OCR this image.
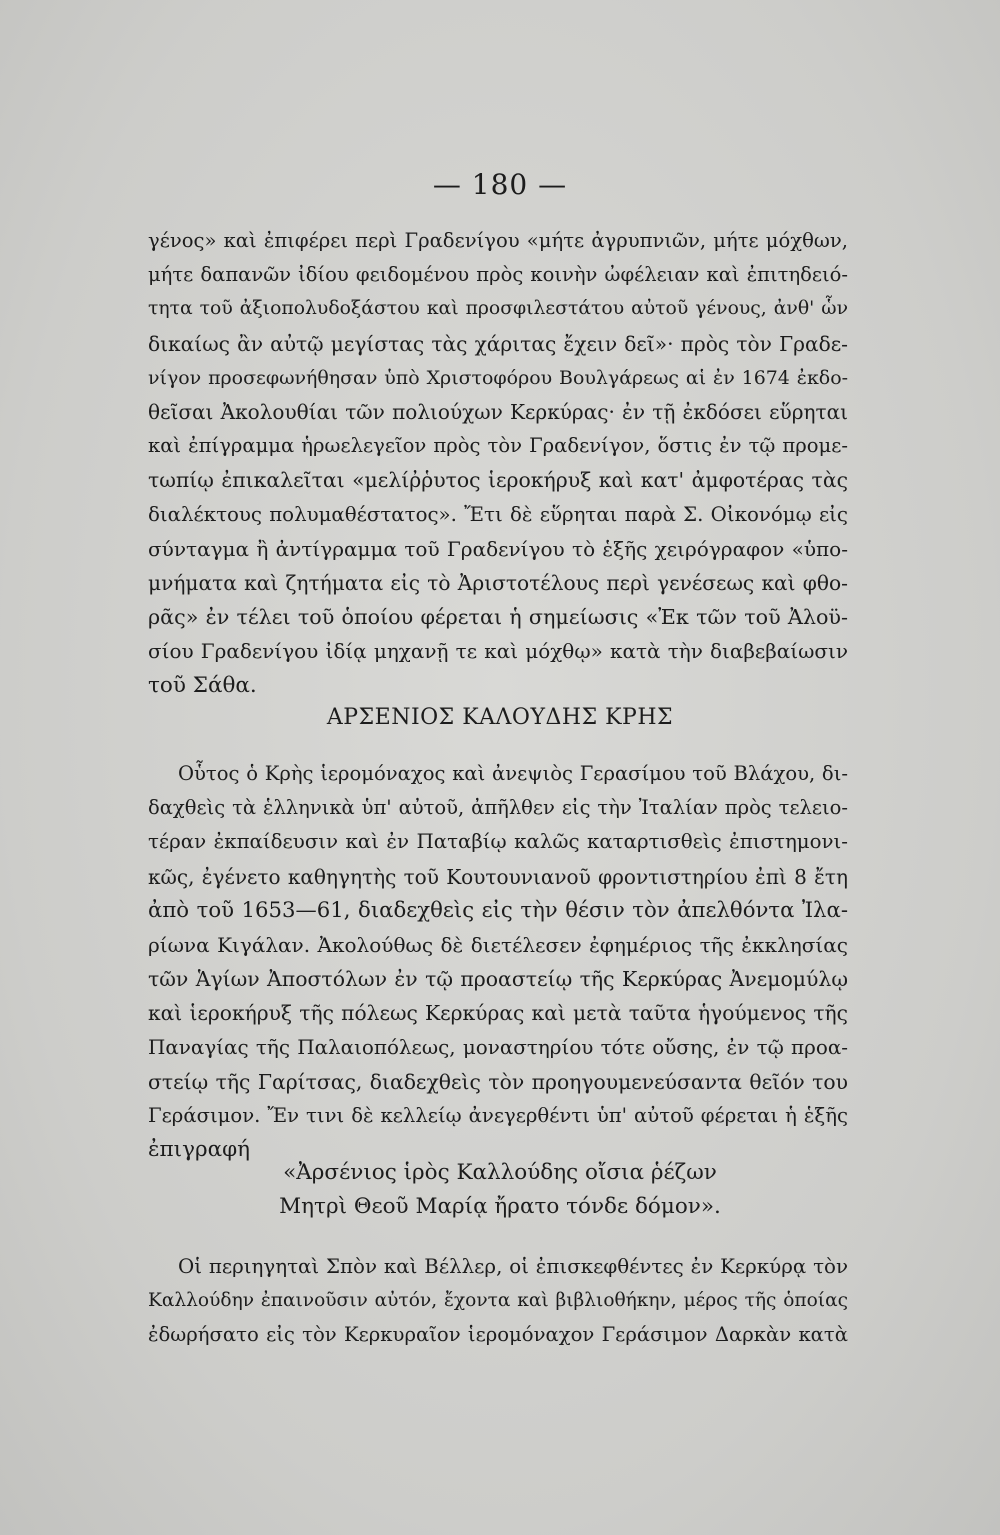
— 180 —
γένος» καὶ ἐπιφέρει περὶ Γραδενίγου «μήτε ἀγρυπνιῶν, μήτε μόχθων,
μήτε δαπανῶν ἰδίου φειδομένου πρὸς κοινὴν ὠφέλειαν καὶ ἐπιτηδειό-
τητα τοῦ ἀξιοπολυδοξάστου καὶ προσφιλεστάτου αὐτοῦ γένους, ἀνθ' ὧν
δικαίως ἂν αὐτῷ μεγίστας τὰς χάριτας ἔχειν δεῖ»· πρὸς τὸν Γραδε-
νίγον προσεφωνήθησαν ὑπὸ Χριστοφόρου Βουλγάρεως αἱ ἐν 1674 ἐκδο-
θεῖσαι Ἀκολουθίαι τῶν πολιούχων Κερκύρας· ἐν τῇ ἐκδόσει εὕρηται
καὶ ἐπίγραμμα ἡρωελεγεῖον πρὸς τὸν Γραδενίγον, ὅστις ἐν τῷ προμε-
τωπίῳ ἐπικαλεῖται «μελίῤῥυτος ἱεροκήρυξ καὶ κατ' ἀμφοτέρας τὰς
διαλέκτους πολυμαθέστατος». Ἔτι δὲ εὕρηται παρὰ Σ. Οἰκονόμῳ εἰς
σύνταγμα ἢ ἀντίγραμμα τοῦ Γραδενίγου τὸ ἑξῆς χειρόγραφον «ὑπο-
μνήματα καὶ ζητήματα εἰς τὸ Ἀριστοτέλους περὶ γενέσεως καὶ φθο-
ρᾶς» ἐν τέλει τοῦ ὁποίου φέρεται ἡ σημείωσις «Ἐκ τῶν τοῦ Ἀλοϋ-
σίου Γραδενίγου ἰδίᾳ μηχανῇ τε καὶ μόχθῳ» κατὰ τὴν διαβεβαίωσιν
τοῦ Σάθα.
ΑΡΣΕΝΙΟΣ ΚΑΛΟΥΔΗΣ ΚΡΗΣ
Οὗτος ὁ Κρὴς ἱερομόναχος καὶ ἀνεψιὸς Γερασίμου τοῦ Βλάχου, δι-
δαχθεὶς τὰ ἑλληνικὰ ὑπ' αὐτοῦ, ἀπῆλθεν εἰς τὴν Ἰταλίαν πρὸς τελειο-
τέραν ἐκπαίδευσιν καὶ ἐν Παταβίῳ καλῶς καταρτισθεὶς ἐπιστημονι-
κῶς, ἐγένετο καθηγητὴς τοῦ Κουτουνιανοῦ φροντιστηρίου ἐπὶ 8 ἔτη
ἀπὸ τοῦ 1653—61, διαδεχθεὶς εἰς τὴν θέσιν τὸν ἀπελθόντα Ἰλα-
ρίωνα Κιγάλαν. Ἀκολούθως δὲ διετέλεσεν ἐφημέριος τῆς ἐκκλησίας
τῶν Ἁγίων Ἀποστόλων ἐν τῷ προαστείῳ τῆς Κερκύρας Ἀνεμομύλῳ
καὶ ἱεροκήρυξ τῆς πόλεως Κερκύρας καὶ μετὰ ταῦτα ἡγούμενος τῆς
Παναγίας τῆς Παλαιοπόλεως, μοναστηρίου τότε οὔσης, ἐν τῷ προα-
στείῳ τῆς Γαρίτσας, διαδεχθεὶς τὸν προηγουμενεύσαντα θεῖόν του
Γεράσιμον. Ἔν τινι δὲ κελλείῳ ἀνεγερθέντι ὑπ' αὐτοῦ φέρεται ἡ ἑξῆς
ἐπιγραφή
«Ἀρσένιος ἱρὸς Καλλούδης οἴσια ῥέζων
Μητρὶ Θεοῦ Μαρίᾳ ἤρατο τόνδε δόμον».
Οἱ περιηγηταὶ Σπὸν καὶ Βέλλερ, οἱ ἐπισκεφθέντες ἐν Κερκύρᾳ τὸν
Καλλούδην ἐπαινοῦσιν αὐτόν, ἔχοντα καὶ βιβλιοθήκην, μέρος τῆς ὁποίας
ἐδωρήσατο εἰς τὸν Κερκυραῖον ἱερομόναχον Γεράσιμον Δαρκὰν κατὰ
